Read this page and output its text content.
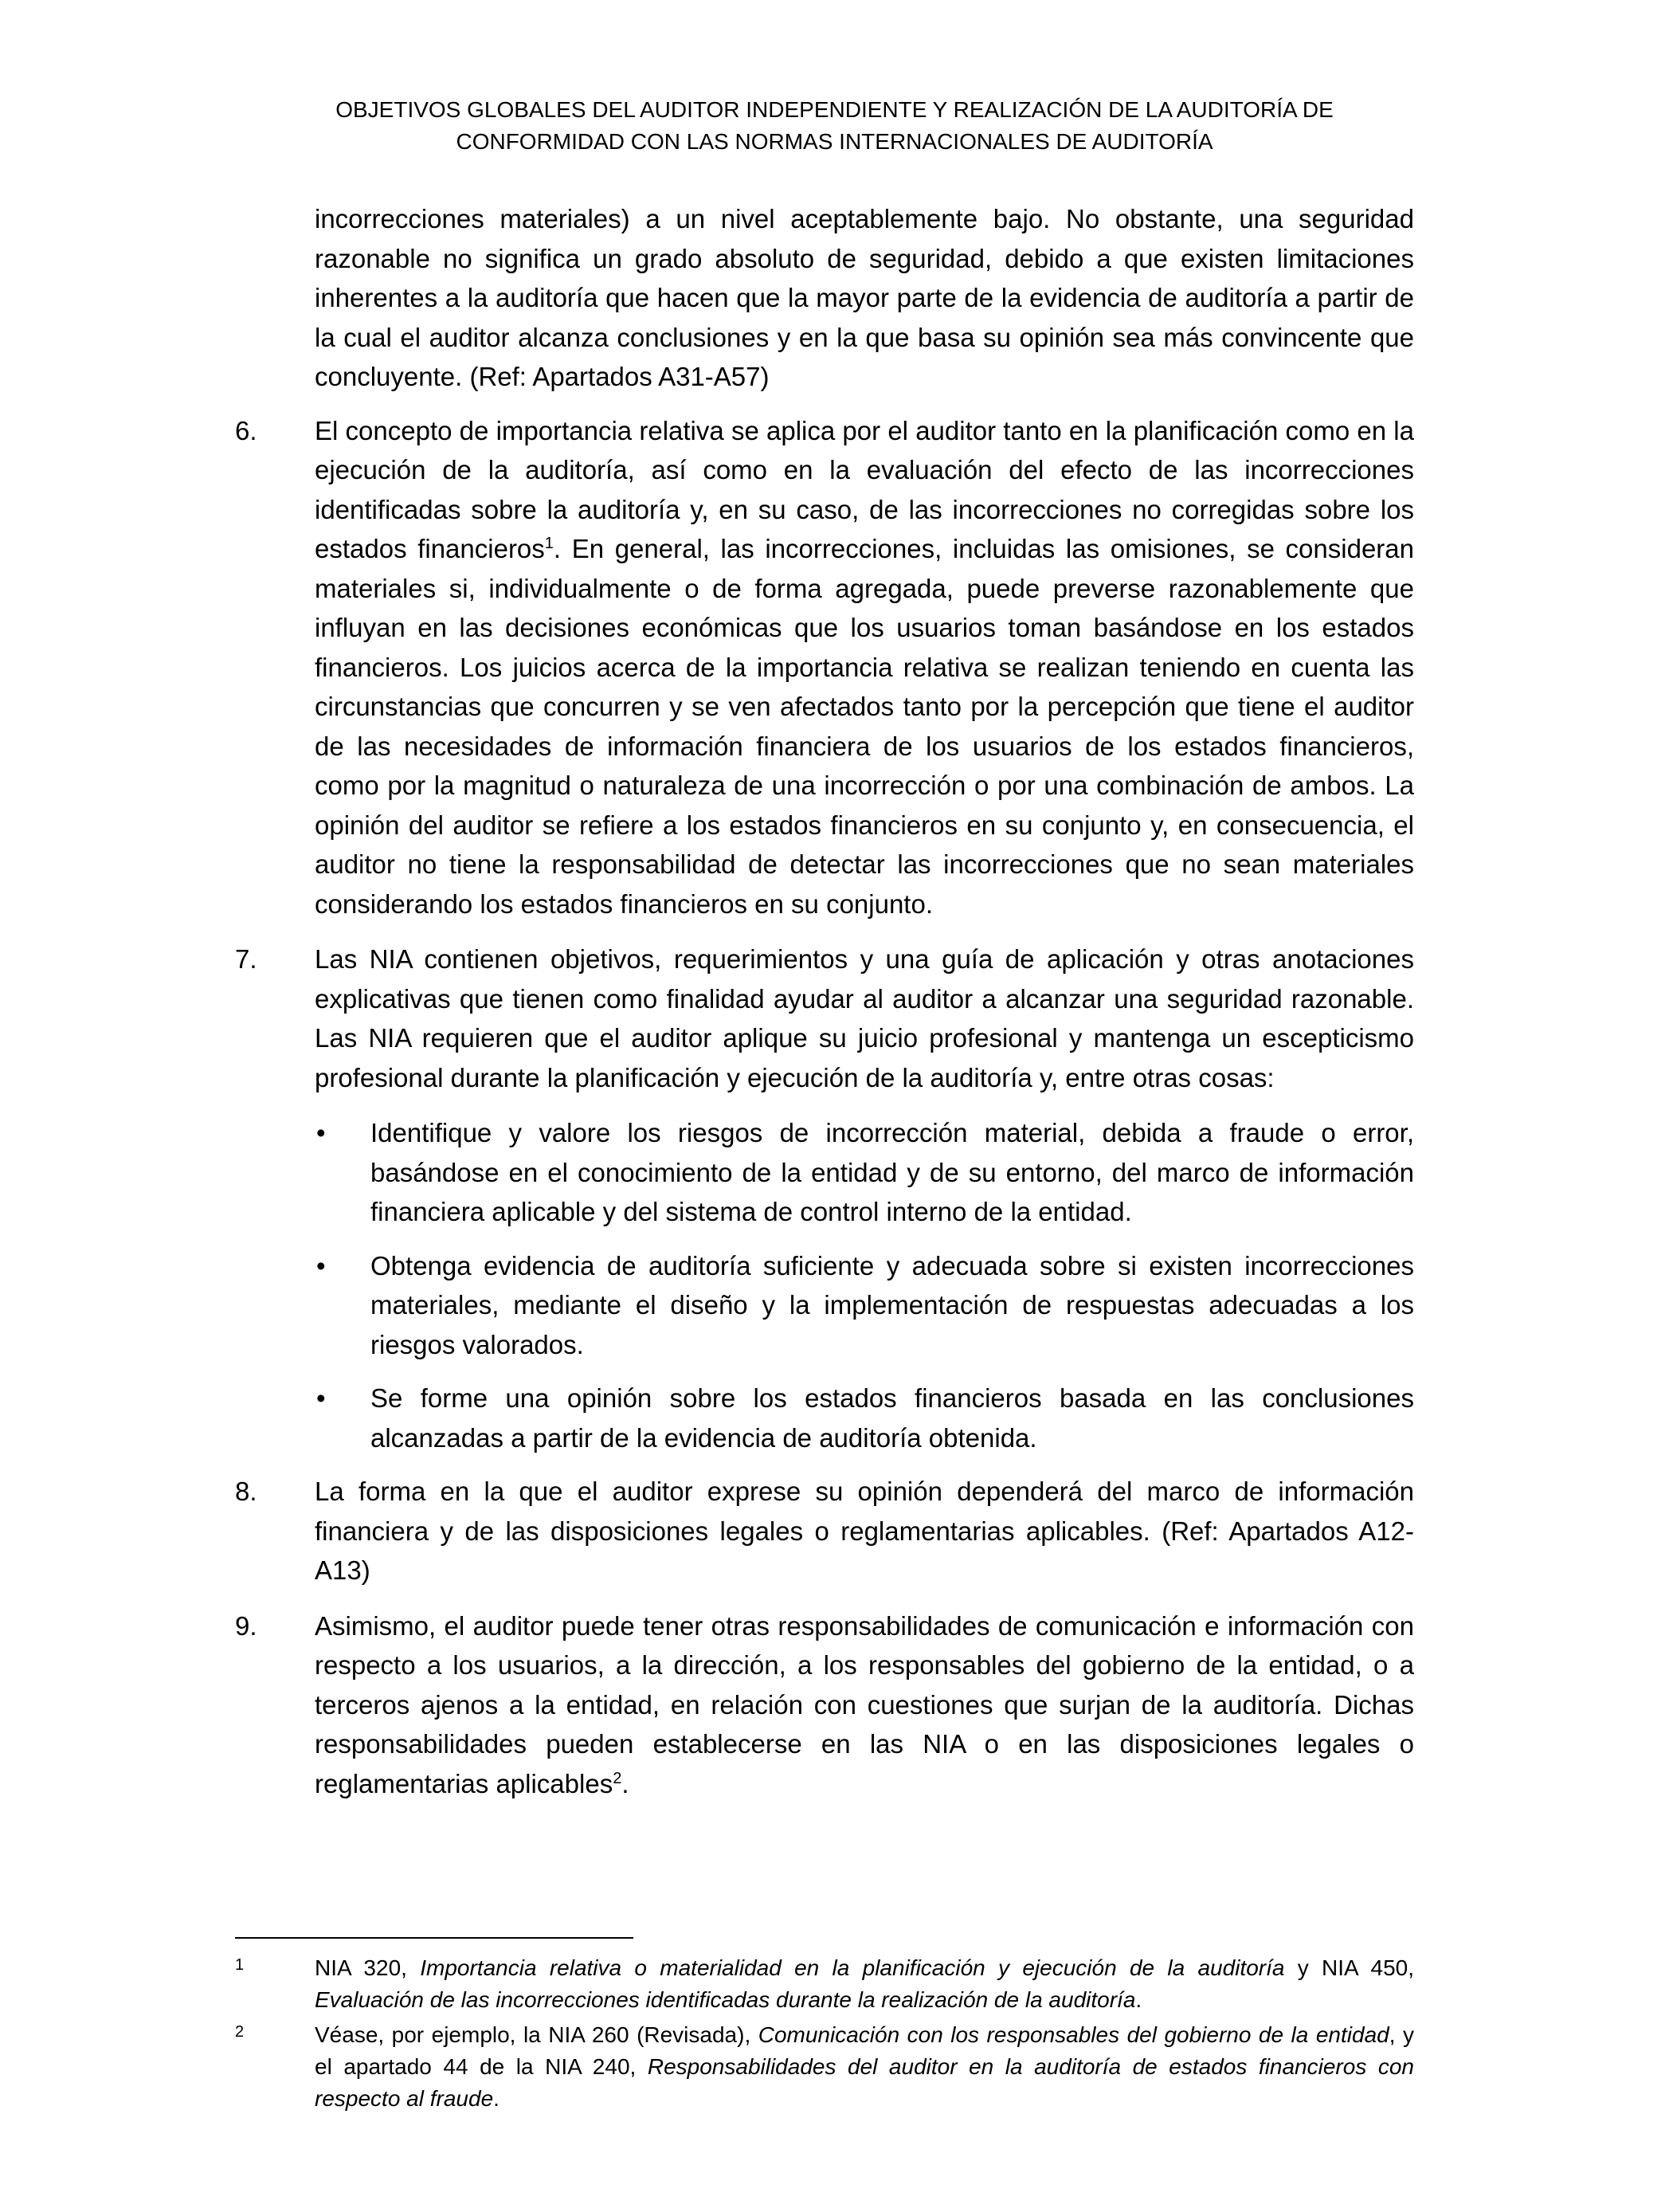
OBJETIVOS GLOBALES DEL AUDITOR INDEPENDIENTE Y REALIZACIÓN DE LA AUDITORÍA DE
CONFORMIDAD CON LAS NORMAS INTERNACIONALES DE AUDITORÍA

incorrecciones materiales) a un nivel aceptablemente bajo. No obstante, una seguridad razonable no significa un grado absoluto de seguridad, debido a que existen limitaciones inherentes a la auditoría que hacen que la mayor parte de la evidencia de auditoría a partir de la cual el auditor alcanza conclusiones y en la que basa su opinión sea más convincente que concluyente. (Ref: Apartados A31-A57)

6. El concepto de importancia relativa se aplica por el auditor tanto en la planificación como en la ejecución de la auditoría, así como en la evaluación del efecto de las incorrecciones identificadas sobre la auditoría y, en su caso, de las incorrecciones no corregidas sobre los estados financieros$^1$. En general, las incorrecciones, incluidas las omisiones, se consideran materiales si, individualmente o de forma agregada, puede preverse razonablemente que influyan en las decisiones económicas que los usuarios toman basándose en los estados financieros. Los juicios acerca de la importancia relativa se realizan teniendo en cuenta las circunstancias que concurren y se ven afectados tanto por la percepción que tiene el auditor de las necesidades de información financiera de los usuarios de los estados financieros, como por la magnitud o naturaleza de una incorrección o por una combinación de ambos. La opinión del auditor se refiere a los estados financieros en su conjunto y, en consecuencia, el auditor no tiene la responsabilidad de detectar las incorrecciones que no sean materiales considerando los estados financieros en su conjunto.

7. Las NIA contienen objetivos, requerimientos y una guía de aplicación y otras anotaciones explicativas que tienen como finalidad ayudar al auditor a alcanzar una seguridad razonable. Las NIA requieren que el auditor aplique su juicio profesional y mantenga un escepticismo profesional durante la planificación y ejecución de la auditoría y, entre otras cosas:

• Identifique y valore los riesgos de incorrección material, debida a fraude o error, basándose en el conocimiento de la entidad y de su entorno, del marco de información financiera aplicable y del sistema de control interno de la entidad.
• Obtenga evidencia de auditoría suficiente y adecuada sobre si existen incorrecciones materiales, mediante el diseño y la implementación de respuestas adecuadas a los riesgos valorados.
• Se forme una opinión sobre los estados financieros basada en las conclusiones alcanzadas a partir de la evidencia de auditoría obtenida.
8. La forma en la que el auditor exprese su opinión dependerá del marco de información financiera y de las disposiciones legales o reglamentarias aplicables. (Ref: Apartados A12-A13)

9. Asimismo, el auditor puede tener otras responsabilidades de comunicación e información con respecto a los usuarios, a la dirección, a los responsables del gobierno de la entidad, o a terceros ajenos a la entidad, en relación con cuestiones que surjan de la auditoría. Dichas responsabilidades pueden establecerse en las NIA o en las disposiciones legales o reglamentarias aplicables$^2$.

1	NIA 320, Importancia relativa o materialidad en la planificación y ejecución de la auditoría y NIA 450, Evaluación de las incorrecciones identificadas durante la realización de la auditoría.
2	Véase, por ejemplo, la NIA 260 (Revisada), Comunicación con los responsables del gobierno de la entidad, y el apartado 44 de la NIA 240, Responsabilidades del auditor en la auditoría de estados financieros con respecto al fraude.
